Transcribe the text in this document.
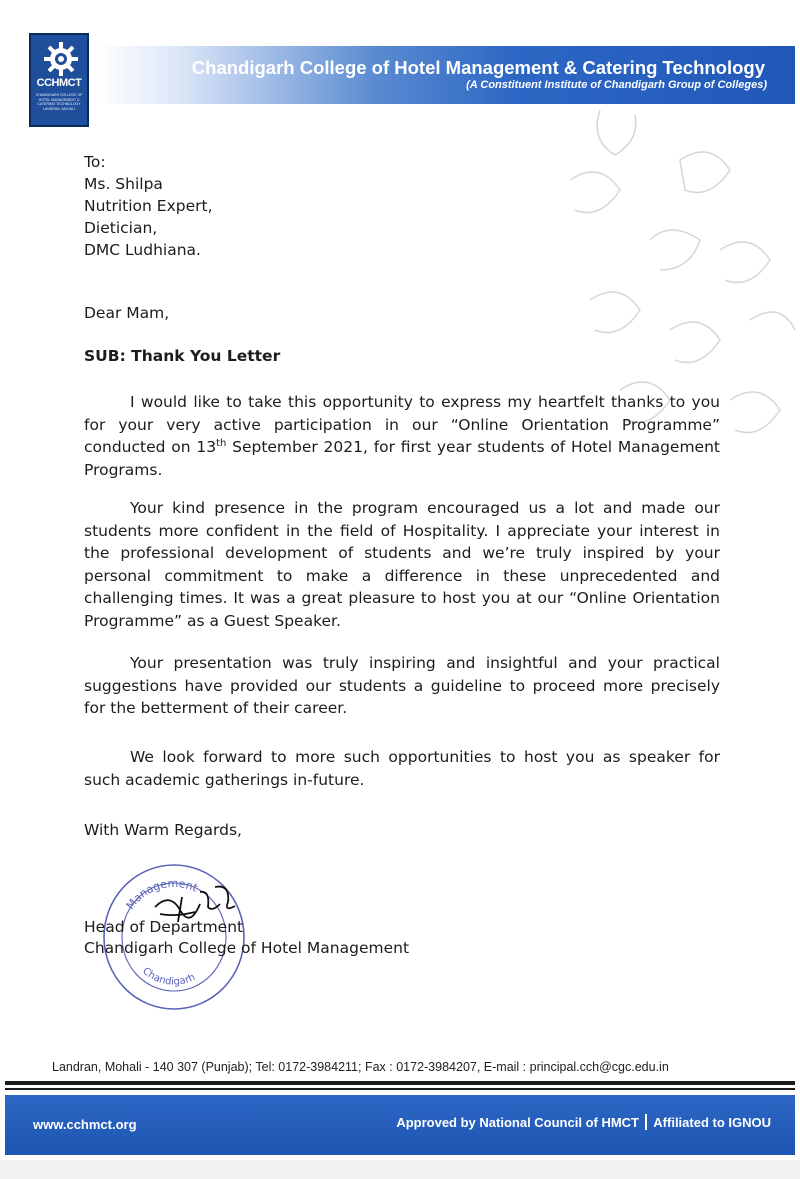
CCHMCT
CHANDIGARH COLLEGE OF HOTEL MANAGEMENT & CATERING TECHNOLOGY LANDRAN, MOHALI
Chandigarh College of Hotel Management & Catering Technology
(A Constituent Institute of Chandigarh Group of Colleges)
To:
Ms. Shilpa
Nutrition Expert,
Dietician,
DMC Ludhiana.
Dear Mam,
SUB: Thank You Letter
I would like to take this opportunity to express my heartfelt thanks to you
for your very active participation in our “Online Orientation Programme”
conducted on 13th September 2021, for first year students of Hotel Management
Programs.
Your kind presence in the program encouraged us a lot and made our
students more confident in the field of Hospitality. I appreciate your interest in
the professional development of students and we’re truly inspired by your
personal commitment to make a difference in these unprecedented and
challenging times. It was a great pleasure to host you at our “Online Orientation
Programme” as a Guest Speaker.
Your presentation was truly inspiring and insightful and your practical
suggestions have provided our students a guideline to proceed more precisely
for the betterment of their career.
We look forward to more such opportunities to host you as speaker for
such academic gatherings in-future.
With Warm Regards,
Management
Chandigarh
Head of Department
Chandigarh College of Hotel Management
Landran, Mohali - 140 307 (Punjab); Tel: 0172-3984211; Fax : 0172-3984207, E-mail : principal.cch@cgc.edu.in
www.cchmct.org	Approved by National Council of HMCT Affiliated to IGNOU
